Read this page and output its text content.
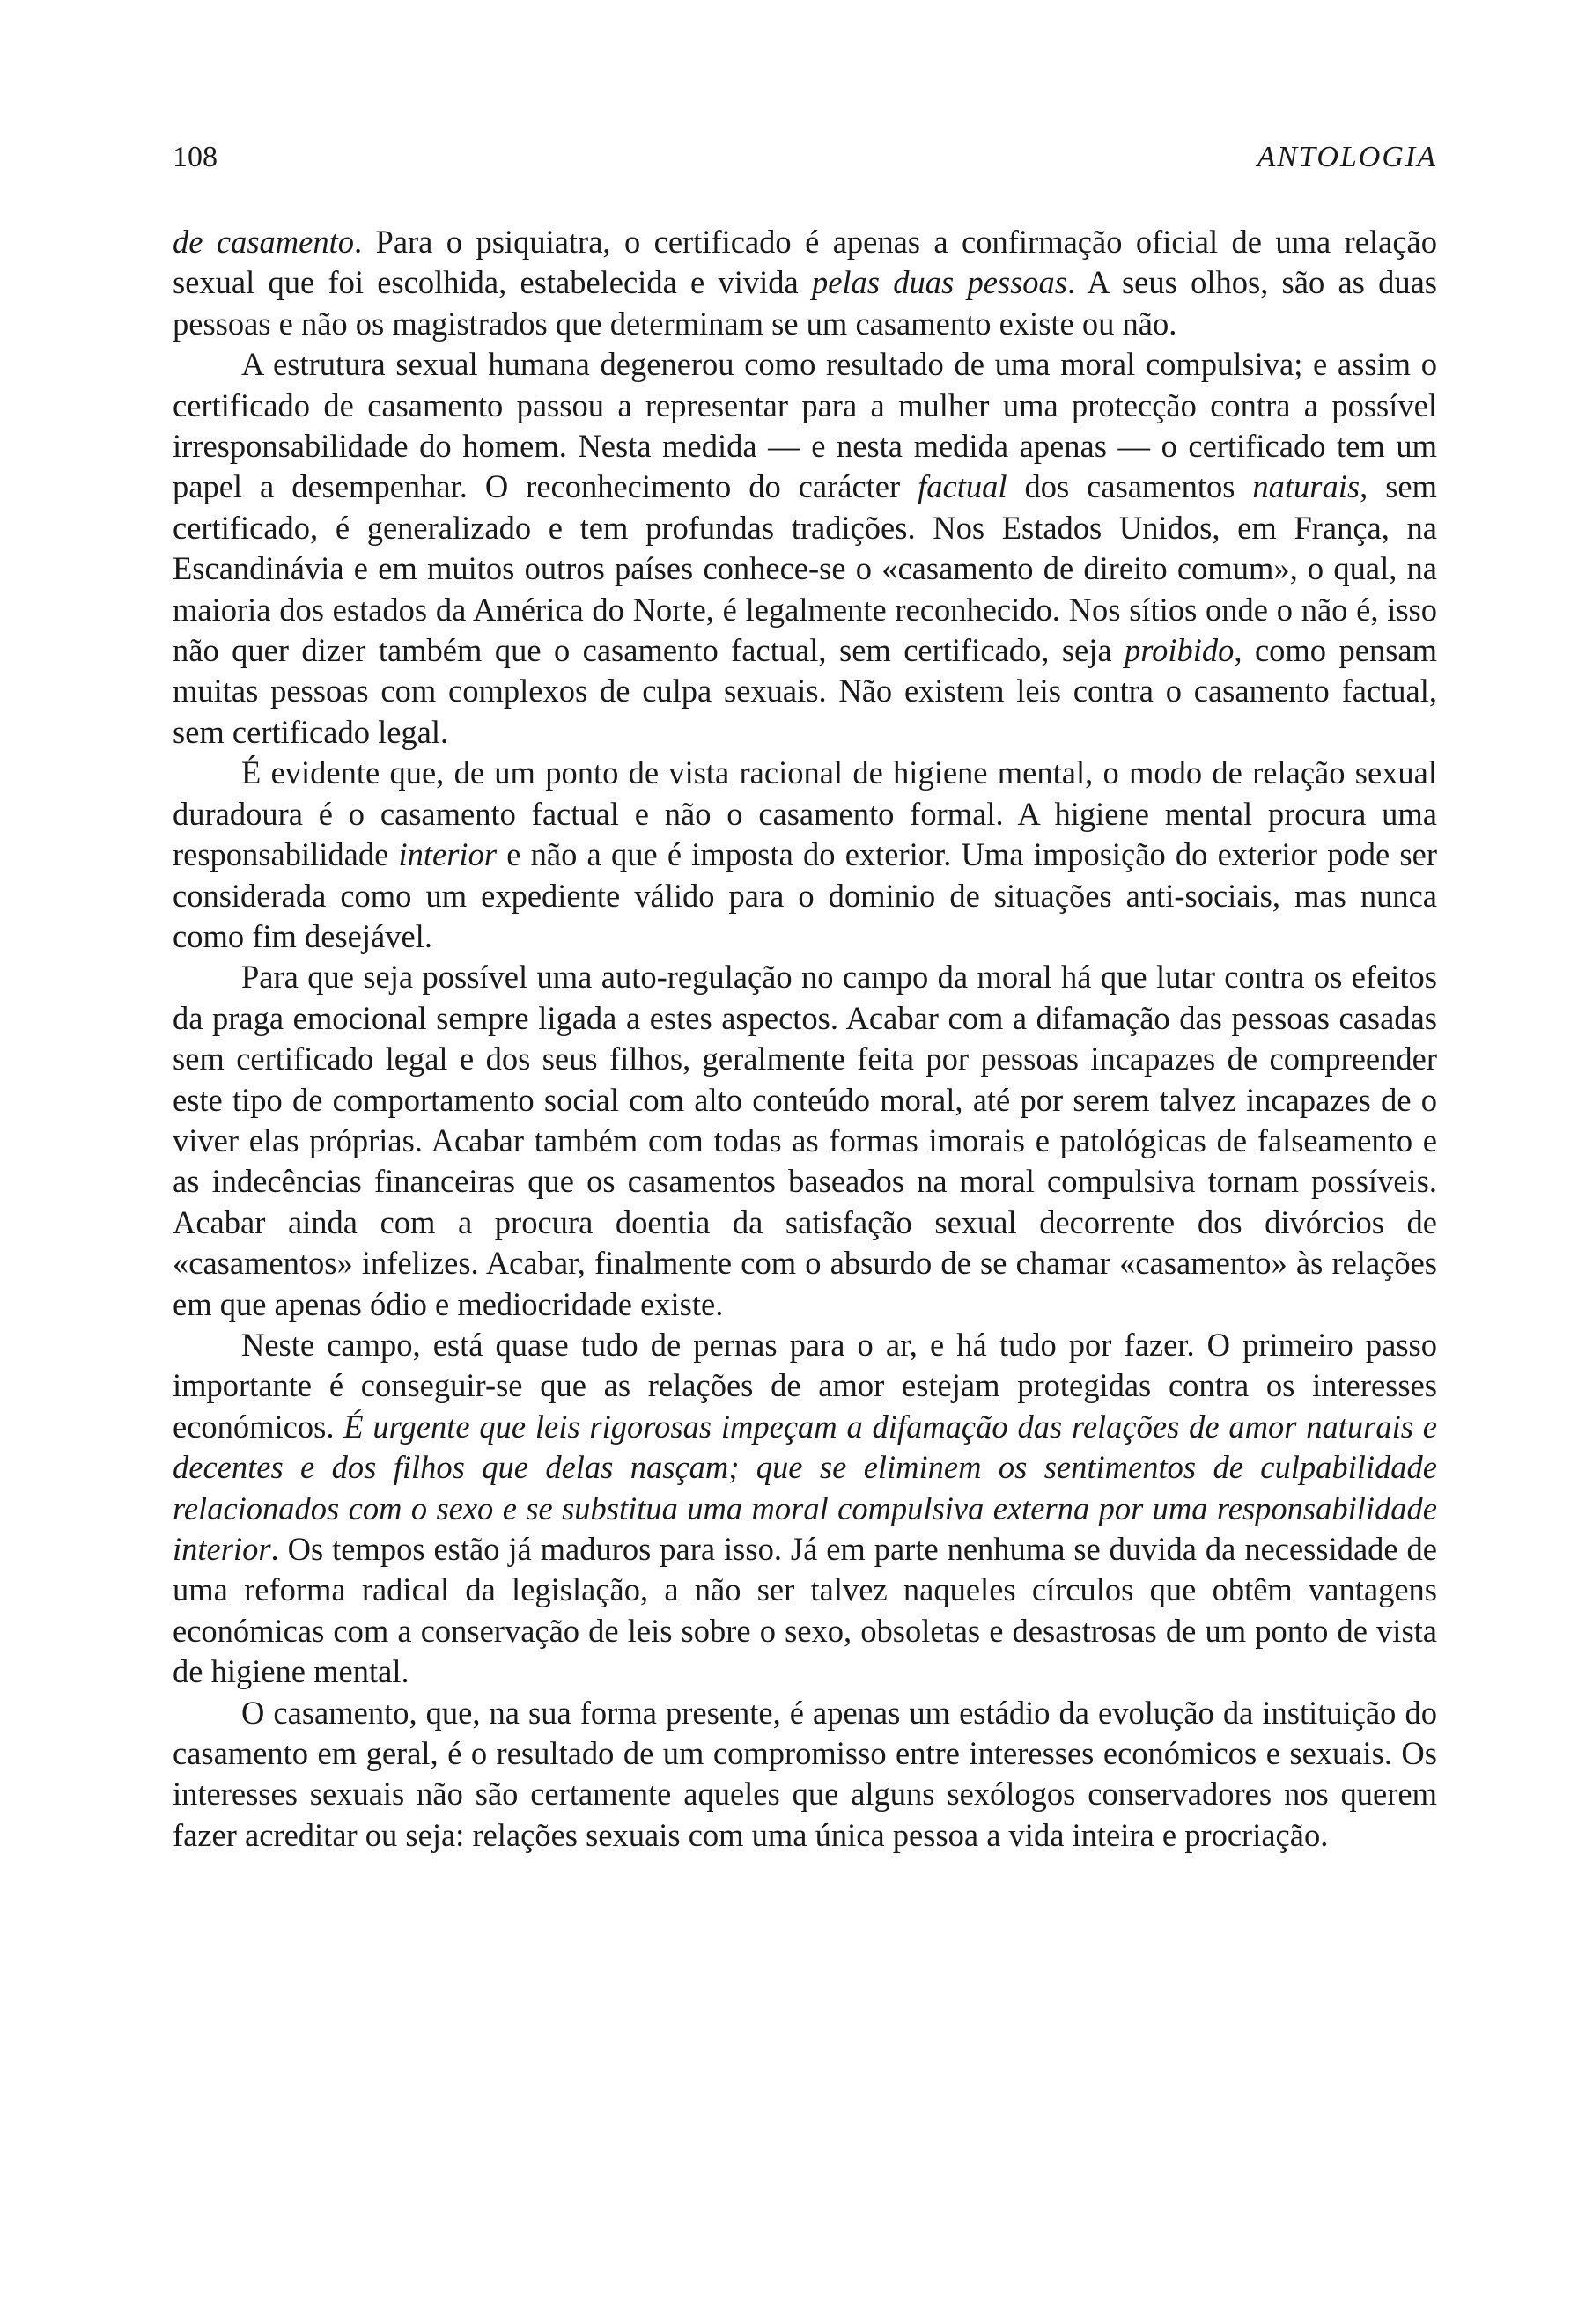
108	ANTOLOGIA

de casamento. Para o psiquiatra, o certificado é apenas a confirmação oficial de uma relação sexual que foi escolhida, estabelecida e vivida pelas duas pessoas. A seus olhos, são as duas pessoas e não os magistrados que determinam se um casamento existe ou não.

A estrutura sexual humana degenerou como resultado de uma moral compulsiva; e assim o certificado de casamento passou a representar para a mulher uma protecção contra a possível irresponsabilidade do homem. Nesta medida — e nesta medida apenas — o certificado tem um papel a desempenhar. O reconhecimento do carácter factual dos casamentos naturais, sem certificado, é generalizado e tem profundas tradições. Nos Estados Unidos, em França, na Escandinávia e em muitos outros países conhece-se o «casamento de direito comum», o qual, na maioria dos estados da América do Norte, é legalmente reconhecido. Nos sítios onde o não é, isso não quer dizer também que o casamento factual, sem certificado, seja proibido, como pensam muitas pessoas com complexos de culpa sexuais. Não existem leis contra o casamento factual, sem certificado legal.

É evidente que, de um ponto de vista racional de higiene mental, o modo de relação sexual duradoura é o casamento factual e não o casamento formal. A higiene mental procura uma responsabilidade interior e não a que é imposta do exterior. Uma imposição do exterior pode ser considerada como um expediente válido para o dominio de situações anti-sociais, mas nunca como fim desejável.

Para que seja possível uma auto-regulação no campo da moral há que lutar contra os efeitos da praga emocional sempre ligada a estes aspectos. Acabar com a difamação das pessoas casadas sem certificado legal e dos seus filhos, geralmente feita por pessoas incapazes de compreender este tipo de comportamento social com alto conteúdo moral, até por serem talvez incapazes de o viver elas próprias. Acabar também com todas as formas imorais e patológicas de falseamento e as indecências financeiras que os casamentos baseados na moral compulsiva tornam possíveis. Acabar ainda com a procura doentia da satisfação sexual decorrente dos divórcios de «casamentos» infelizes. Acabar, finalmente com o absurdo de se chamar «casamento» às relações em que apenas ódio e mediocridade existe.

Neste campo, está quase tudo de pernas para o ar, e há tudo por fazer. O primeiro passo importante é conseguir-se que as relações de amor estejam protegidas contra os interesses económicos. É urgente que leis rigorosas impeçam a difamação das relações de amor naturais e decentes e dos filhos que delas nasçam; que se eliminem os sentimentos de culpabilidade relacionados com o sexo e se substitua uma moral compulsiva externa por uma responsabilidade interior. Os tempos estão já maduros para isso. Já em parte nenhuma se duvida da necessidade de uma reforma radical da legislação, a não ser talvez naqueles círculos que obtêm vantagens económicas com a conservação de leis sobre o sexo, obsoletas e desastrosas de um ponto de vista de higiene mental.

O casamento, que, na sua forma presente, é apenas um estádio da evolução da instituição do casamento em geral, é o resultado de um compromisso entre interesses económicos e sexuais. Os interesses sexuais não são certamente aqueles que alguns sexólogos conservadores nos querem fazer acreditar ou seja: relações sexuais com uma única pessoa a vida inteira e procriação.
